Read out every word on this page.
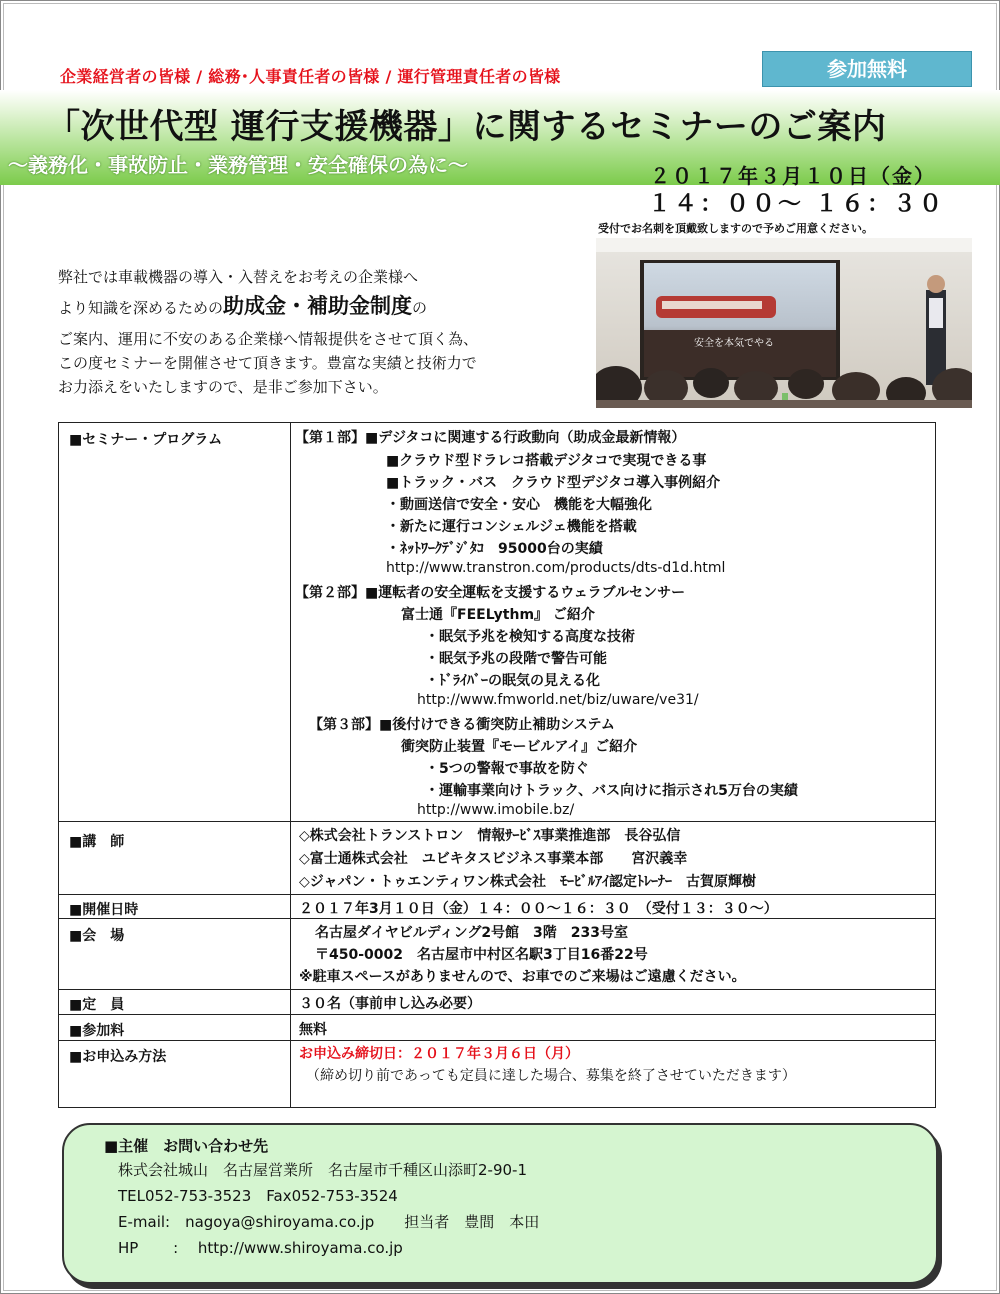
企業経営者の皆様 / 総務･人事責任者の皆様 / 運行管理責任者の皆様	参加無料
「次世代型 運行支援機器」に関するセミナーのご案内
～義務化・事故防止・業務管理・安全確保の為に～	２０１７年３月１０日（金）
１４：００～ １６：３０
受付でお名刺を頂戴致しますので予めご用意ください。
弊社では車載機器の導入・入替えをお考えの企業様へ
より知識を深めるための助成金・補助金制度の
ご案内、運用に不安のある企業様へ情報提供をさせて頂く為、
この度セミナーを開催させて頂きます。豊富な実績と技術力で
お力添えをいたしますので、是非ご参加下さい。
安全を本気でやる
■セミナー・プログラム	【第１部】■デジタコに関連する行政動向（助成金最新情報）
■クラウド型ドラレコ搭載デジタコで実現できる事
■トラック・バス　クラウド型デジタコ導入事例紹介
・動画送信で安全・安心　機能を大幅強化
・新たに運行コンシェルジェ機能を搭載
・ﾈｯﾄﾜｰｸﾃﾞｼﾞﾀｺ　95000台の実績
http://www.transtron.com/products/dts-d1d.html
【第２部】■運転者の安全運転を支援するウェラブルセンサー
富士通『FEELythm』 ご紹介
・眠気予兆を検知する高度な技術
・眠気予兆の段階で警告可能
・ﾄﾞﾗｲﾊﾞｰの眠気の見える化
http://www.fmworld.net/biz/uware/ve31/
【第３部】■後付けできる衝突防止補助システム
衝突防止装置『モービルアイ』ご紹介
・5つの警報で事故を防ぐ
・運輸事業向けトラック、バス向けに指示され5万台の実績
http://www.imobile.bz/
■講　師	◇株式会社トランストロン　情報ｻｰﾋﾞｽ事業推進部　長谷弘信
◇富士通株式会社　ユビキタスビジネス事業本部　　宮沢義幸
◇ジャパン・トゥエンティワン株式会社　ﾓｰﾋﾞﾙｱｲ認定ﾄﾚｰﾅｰ　古賀原輝樹
■開催日時	２０１７年3月１０日（金）１４：００～１６：３０　（受付１３：３０～）
■会　場	名古屋ダイヤビルディング2号館　3階　233号室
〒450-0002　名古屋市中村区名駅3丁目16番22号
※駐車スペースがありませんので、お車でのご来場はご遠慮ください。
■定　員	３０名（事前申し込み必要）
■参加料	無料
■お申込み方法	お申込み締切日：２０１７年３月６日（月）
（締め切り前であっても定員に達した場合、募集を終了させていただきます）
■主催　お問い合わせ先
株式会社城山　名古屋営業所　名古屋市千種区山添町2-90-1
TEL052-753-3523　Fax052-753-3524
E-mail:　nagoya@shiroyama.co.jp　　担当者　豊間　本田
HP　　 :　 http://www.shiroyama.co.jp
